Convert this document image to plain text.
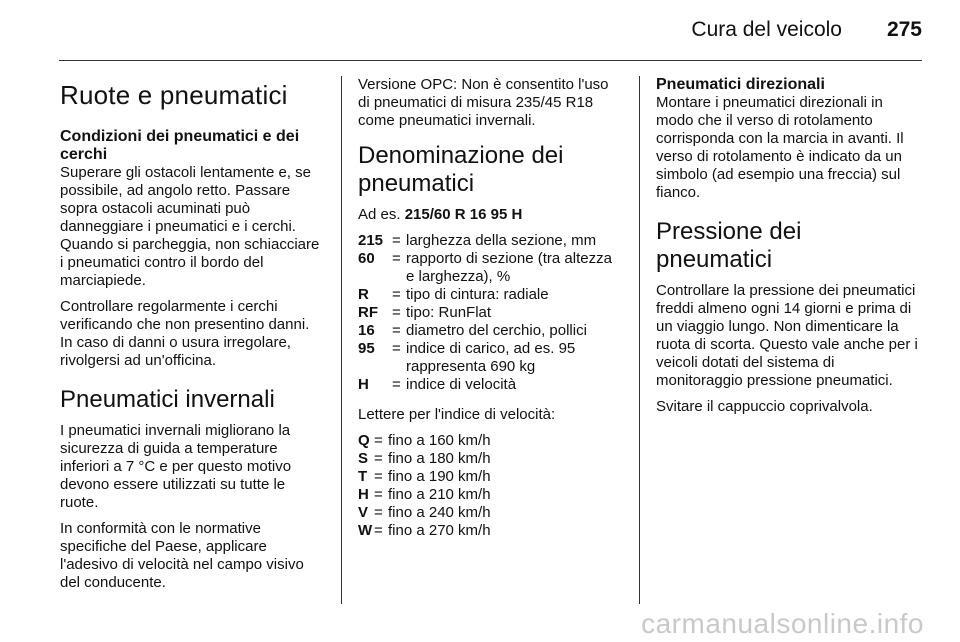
Cura del veicolo 275
Ruote e pneumatici
Condizioni dei pneumatici e dei cerchi

Superare gli ostacoli lentamente e, se possibile, ad angolo retto. Passare sopra ostacoli acuminati può danneggiare i pneumatici e i cerchi. Quando si parcheggia, non schiacciare i pneumatici contro il bordo del marciapiede.

Controllare regolarmente i cerchi verificando che non presentino danni. In caso di danni o usura irregolare, rivolgersi ad un'officina.

Pneumatici invernali

I pneumatici invernali migliorano la sicurezza di guida a temperature inferiori a 7 °C e per questo motivo devono essere utilizzati su tutte le ruote.

In conformità con le normative specifiche del Paese, applicare l'adesivo di velocità nel campo visivo del conducente.

Versione OPC: Non è consentito l'uso di pneumatici di misura 235/45 R18 come pneumatici invernali.

Denominazione dei pneumatici

Ad es. 215/60 R 16 95 H

215 = larghezza della sezione, mm
60	= rapporto di sezione (tra altezza e larghezza), %
R	= tipo di cintura: radiale
RF = tipo: RunFlat
16	= diametro del cerchio, pollici
95	= indice di carico, ad es. 95 rappresenta 690 kg
H	= indice di velocità

Lettere per l'indice di velocità:

Q = fino a 160 km/h
S = fino a 180 km/h
T = fino a 190 km/h
H = fino a 210 km/h
V = fino a 240 km/h
W = fino a 270 km/h
Pneumatici direzionali

Montare i pneumatici direzionali in modo che il verso di rotolamento corrisponda con la marcia in avanti. Il verso di rotolamento è indicato da un simbolo (ad esempio una freccia) sul fianco.

Pressione dei pneumatici

Controllare la pressione dei pneumatici freddi almeno ogni 14 giorni e prima di un viaggio lungo. Non dimenticare la ruota di scorta. Questo vale anche per i veicoli dotati del sistema di monitoraggio pressione pneumatici.

Svitare il cappuccio coprivalvola.

carmanualsonline.info
